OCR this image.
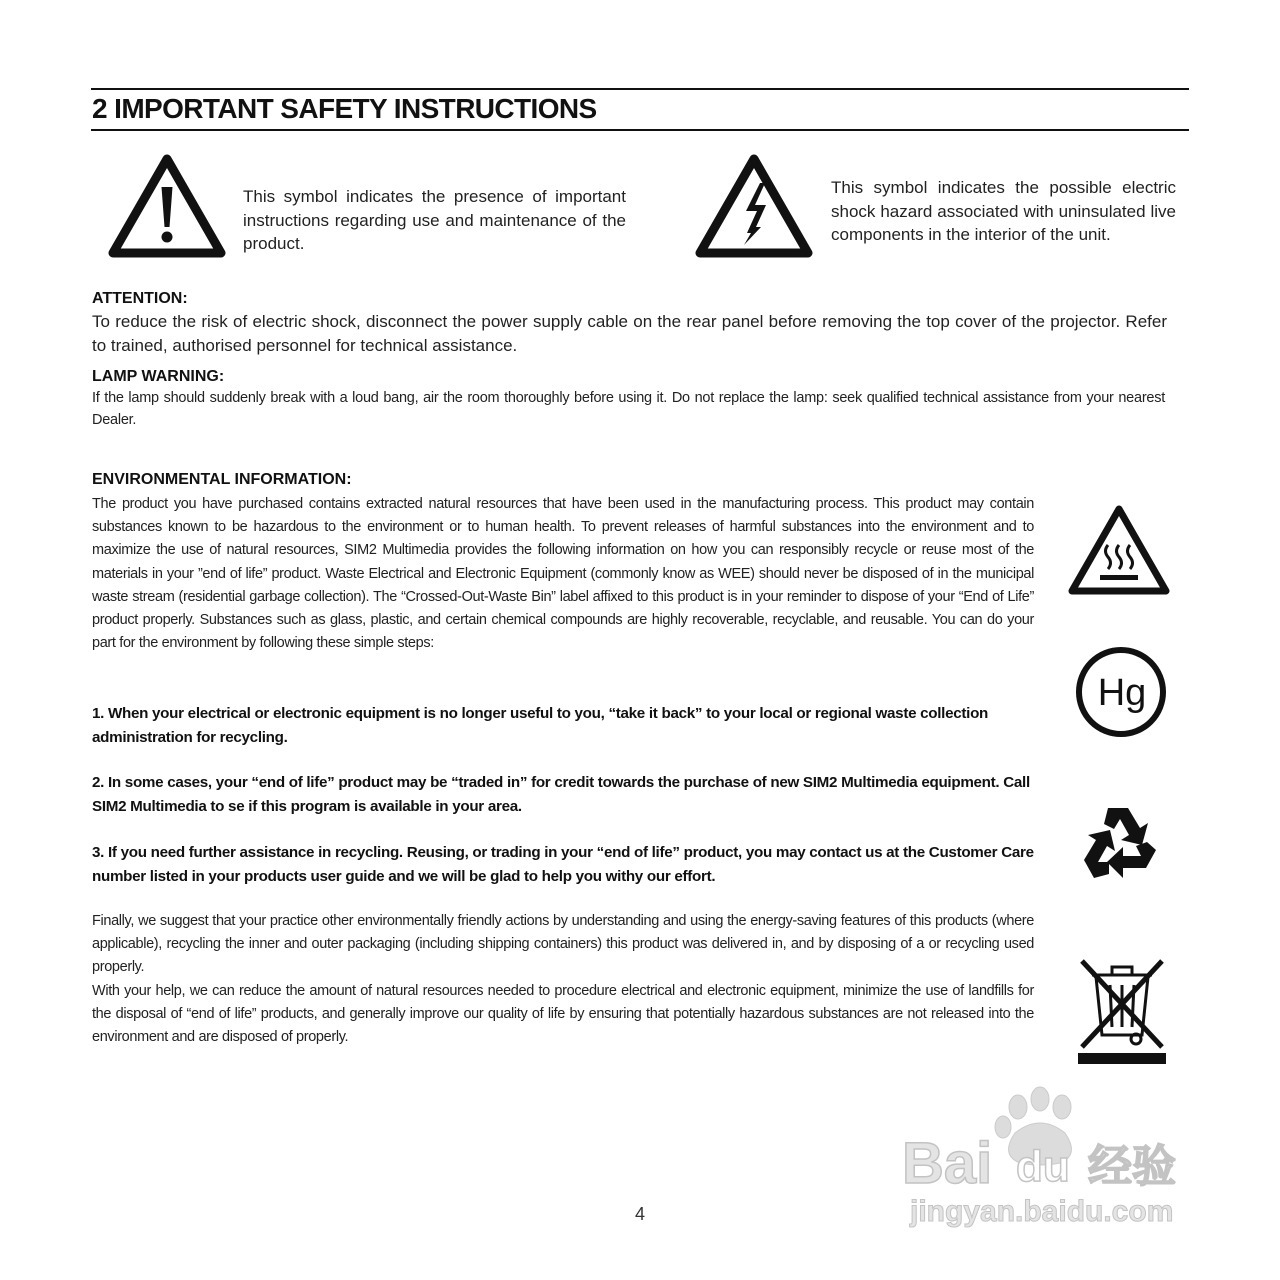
2 IMPORTANT SAFETY INSTRUCTIONS

This symbol indicates the presence of important instructions regarding use and maintenance of the product.

This symbol indicates the possible electric shock hazard associated with uninsulated live components in the interior of the unit.

ATTENTION:

To reduce the risk of electric shock, disconnect the power supply cable on the rear panel before removing the top cover of the projector. Refer to trained, authorised personnel for technical assistance.

LAMP WARNING:

If the lamp should suddenly break with a loud bang, air the room thoroughly before using it. Do not replace the lamp: seek qualified technical assistance from your nearest Dealer.

ENVIRONMENTAL INFORMATION:

The product you have purchased contains extracted natural resources that have been used in the manufacturing process. This product may contain substances known to be hazardous to the environment or to human health. To prevent releases of harmful substances into the environment and to maximize the use of natural resources, SIM2 Multimedia provides the following information on how you can responsibly recycle or reuse most of the materials in your ”end of life” product. Waste Electrical and Electronic Equipment (commonly know as WEE) should never be disposed of in the municipal waste stream (residential garbage collection). The “Crossed-Out-Waste Bin” label affixed to this product is in your reminder to dispose of your “End of Life” product properly. Substances such as glass, plastic, and certain chemical compounds are highly recoverable, recyclable, and reusable. You can do your part for the environment by following these simple steps:

1. When your electrical or electronic equipment is no longer useful to you, “take it back” to your local or regional waste collection administration for recycling.

2. In some cases, your “end of life” product may be “traded in” for credit towards the purchase of new SIM2 Multimedia equipment. Call SIM2 Multimedia to se if this program is available in your area.

3. If you need further assistance in recycling. Reusing, or trading in your “end of life” product, you may contact us at the Customer Care number listed in your products user guide and we will be glad to help you withy our effort.

Finally, we suggest that your practice other environmentally friendly actions by understanding and using the energy-saving features of this products (where applicable), recycling the inner and outer packaging (including shipping containers) this product was delivered in, and by disposing of a or recycling used properly.

With your help, we can reduce the amount of natural resources needed to procedure electrical and electronic equipment, minimize the use of landfills for the disposal of “end of life” products, and generally improve our quality of life by ensuring that potentially hazardous substances are not released into the environment and are disposed of properly.

Hg
4
Bai du 经验
jingyan.baidu.com
